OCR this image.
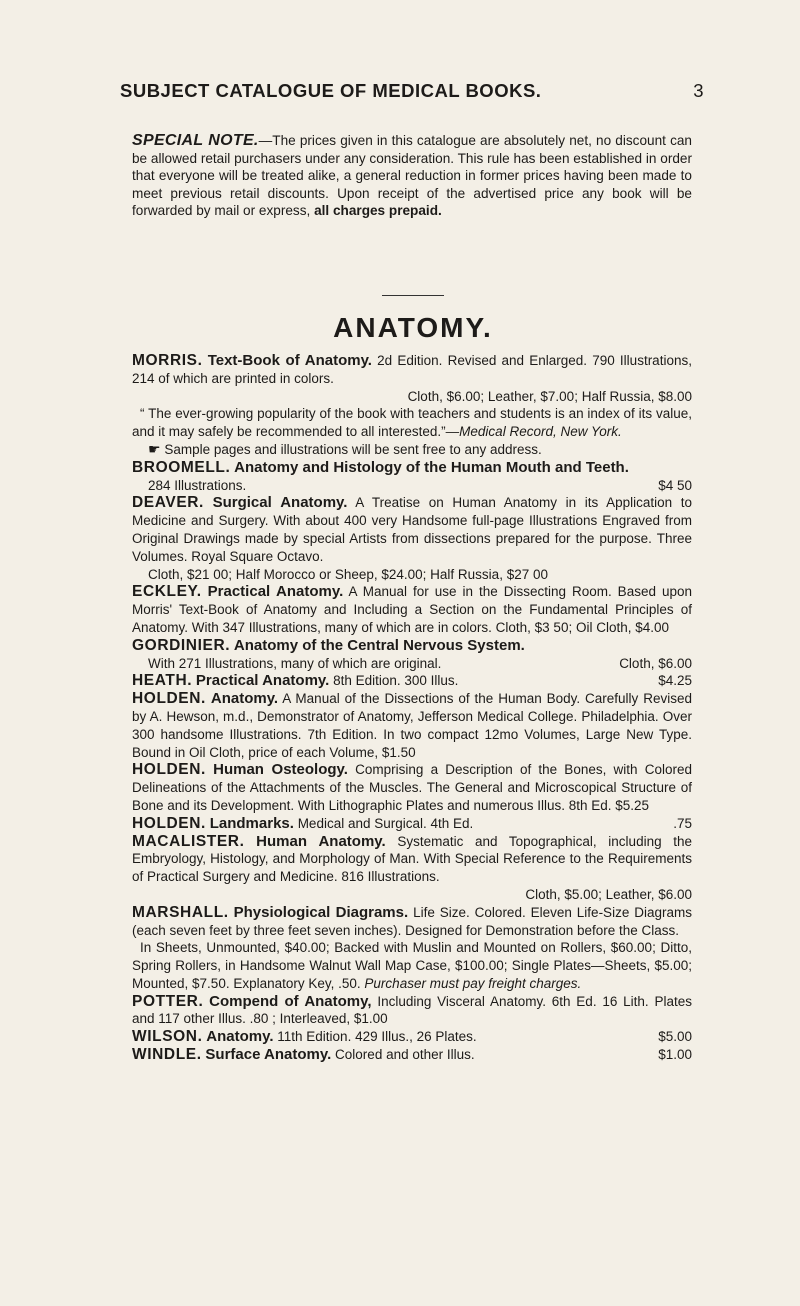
SUBJECT CATALOGUE OF MEDICAL BOOKS.	3
SPECIAL NOTE.—The prices given in this catalogue are absolutely net, no discount can be allowed retail purchasers under any consideration. This rule has been established in order that everyone will be treated alike, a general reduction in former prices having been made to meet previous retail discounts. Upon receipt of the advertised price any book will be forwarded by mail or express, all charges prepaid.
ANATOMY.
MORRIS. Text-Book of Anatomy. 2d Edition. Revised and Enlarged. 790 Illustrations, 214 of which are printed in colors.
Cloth, $6.00; Leather, $7.00; Half Russia, $8.00
“ The ever-growing popularity of the book with teachers and students is an index of its value, and it may safely be recommended to all interested.”—Medical Record, New York.
☛ Sample pages and illustrations will be sent free to any address.
BROOMELL. Anatomy and Histology of the Human Mouth and Teeth.
284 Illustrations.	$4 50
DEAVER. Surgical Anatomy. A Treatise on Human Anatomy in its Application to Medicine and Surgery. With about 400 very Handsome full-page Illustrations Engraved from Original Drawings made by special Artists from dissections prepared for the purpose. Three Volumes. Royal Square Octavo.
Cloth, $21 00; Half Morocco or Sheep, $24.00; Half Russia, $27 00
ECKLEY. Practical Anatomy. A Manual for use in the Dissecting Room. Based upon Morris' Text-Book of Anatomy and Including a Section on the Fundamental Principles of Anatomy. With 347 Illustrations, many of which are in colors. Cloth, $3 50; Oil Cloth, $4.00
GORDINIER. Anatomy of the Central Nervous System.
With 271 Illustrations, many of which are original.	Cloth, $6.00
HEATH. Practical Anatomy. 8th Edition. 300 Illus.	$4.25
HOLDEN. Anatomy. A Manual of the Dissections of the Human Body. Carefully Revised by A. Hewson, m.d., Demonstrator of Anatomy, Jefferson Medical College. Philadelphia. Over 300 handsome Illustrations. 7th Edition. In two compact 12mo Volumes, Large New Type. Bound in Oil Cloth, price of each Volume, $1.50
HOLDEN. Human Osteology. Comprising a Description of the Bones, with Colored Delineations of the Attachments of the Muscles. The General and Microscopical Structure of Bone and its Development. With Lithographic Plates and numerous Illus. 8th Ed. $5.25
HOLDEN. Landmarks. Medical and Surgical. 4th Ed.	.75
MACALISTER. Human Anatomy. Systematic and Topographical, including the Embryology, Histology, and Morphology of Man. With Special Reference to the Requirements of Practical Surgery and Medicine. 816 Illustrations.
Cloth, $5.00; Leather, $6.00
MARSHALL. Physiological Diagrams. Life Size. Colored. Eleven Life-Size Diagrams (each seven feet by three feet seven inches). Designed for Demonstration before the Class.
In Sheets, Unmounted, $40.00; Backed with Muslin and Mounted on Rollers, $60.00; Ditto, Spring Rollers, in Handsome Walnut Wall Map Case, $100.00; Single Plates—Sheets, $5.00; Mounted, $7.50. Explanatory Key, .50. Purchaser must pay freight charges.
POTTER. Compend of Anatomy, Including Visceral Anatomy. 6th Ed. 16 Lith. Plates and 117 other Illus. .80 ; Interleaved, $1.00
WILSON. Anatomy. 11th Edition. 429 Illus., 26 Plates.	$5.00
WINDLE. Surface Anatomy. Colored and other Illus.	$1.00
